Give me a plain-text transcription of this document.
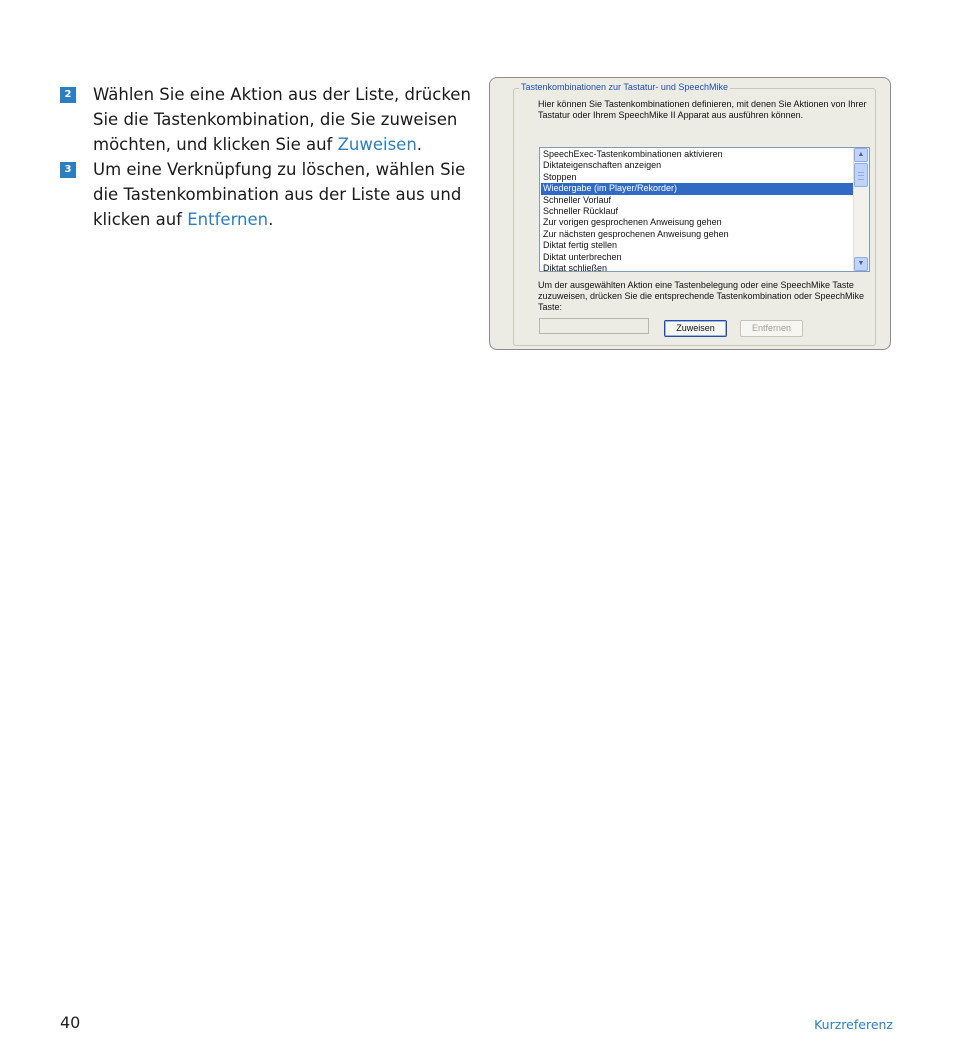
2 Wählen Sie eine Aktion aus der Liste, drücken Sie die Tastenkombination, die Sie zuweisen möchten, und klicken Sie auf Zuweisen.
3 Um eine Verknüpfung zu löschen, wählen Sie die Tastenkombination aus der Liste aus und klicken auf Entfernen.
Tastenkombinationen zur Tastatur- und SpeechMike
Hier können Sie Tastenkombinationen definieren, mit denen Sie Aktionen von Ihrer Tastatur oder Ihrem SpeechMike II Apparat aus ausführen können.
SpeechExec-Tastenkombinationen aktivieren
Diktateigenschaften anzeigen
Stoppen
Wiedergabe (im Player/Rekorder)
Schneller Vorlauf
Schneller Rücklauf
Zur vorigen gesprochenen Anweisung gehen
Zur nächsten gesprochenen Anweisung gehen
Diktat fertig stellen
Diktat unterbrechen
Diktat schließen
▲
▼
Um der ausgewählten Aktion eine Tastenbelegung oder eine SpeechMike Taste zuzuweisen, drücken Sie die entsprechende Tastenkombination oder SpeechMike Taste:
Zuweisen	Entfernen
40	Kurzreferenz
